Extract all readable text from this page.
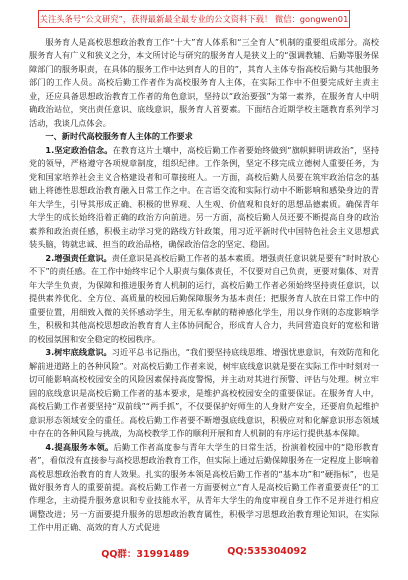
关注头条号“公文研究”，获得最新最全最专业的公文资料下载！ 微信：gongwen01

服务育人是高校思想政治教育工作“十大”育人体系和“三全育人”机制的重要组成部分。高校服务育人有广义和狭义之分，本文所讨论与研究的服务育人是狭义上的“强调教辅、后勤等服务保障部门的服务职责，在具体的服务工作中达到育人的目的”，其育人主体专指高校后勤与其他服务部门的工作人员。高校后勤工作者作为高校服务育人主体，在实际工作中不但要完成好主责主业，还应具备思想政治教育工作者的角色意识，坚持以“政治要强”为第一素养，在服务育人中明确政治站位，突出责任意识、底线意识，服务育人首要素。下面结合近期学校主题教育系列学习活动，我谈几点体会。

一、新时代高校服务育人主体的工作要求

1.坚定政治信念。在教育这片土壤中，高校后勤工作者要始终做到“旗帜鲜明讲政治”，坚持党的领导，严格遵守各项规章制度，组织纪律。工作条例，坚定不移完成立德树人重要任务，为党和国家培养社会主义合格建设者和可靠接班人。一方面，高校后勤人员要在筑牢政治信念的基础上将德性思想政治教育融入日常工作之中。在言语交流和实际行动中不断影响和感染身边的青年大学生，引导其形成正确、积极的世界观、人生观、价值观和良好的思想品德素质。确保青年大学生的成长始终沿着正确的政治方向前进。另一方面，高校后勤人员还要不断提高自身的政治素养和政治责任感，积极主动学习党的路线方针政策，用习近平新时代中国特色社会主义思想武装头脑，铸就忠诚、担当的政治品格，确保政治信念的坚定、稳固。

2.增强责任意识。责任意识是高校后勤工作者的基本素质。增强责任意识就是要有“时时放心不下”的责任感。在工作中始终牢记个人职责与集体责任，不仅要对自己负责，更要对集体、对青年大学生负责，为保障和推进服务育人机制的运行，高校后勤工作者必须始终坚持责任意识，以提供素养优化、全方位、高质量的校园后勤保障服务为基本责任；把服务育人放在日常工作中的重要位置，用细致入微的关怀感动学生，用无私奉献的精神感化学生，用以身作则的态度影响学生，积极和其他高校思想政治教育育人主体协同配合，形成育人合力，共同营造良好的宽松和谐的校园氛围和安全稳定的校园秩序。

3.树牢底线意识。习近平总书记指出，“我们要坚持底线思维、增强忧患意识，有效防范和化解前进道路上的各种风险”。对高校后勤工作者来说，树牢底线意识就是要在实际工作中时刻对一切可能影响高校校园安全的风险因素保持高度警惕，并主动对其进行预警、评估与处理。树立牢固的底线意识是高校后勤工作者的基本要求，是维护高校校园安全的重要保证。在服务育人中，高校后勤工作者要坚持“双前线”“两手抓”，不仅要保护好师生的人身财产安全，还要肩负起维护意识形态领域安全的重任。高校后勤工作者要不断增强底线意识，积极应对和化解意识形态领域中存在的各种风险与挑战，为高校教学工作的顺利开展和育人机制的有序运行提供基本保障。

4.提高服务本领。后勤工作者高度参与青年大学生的日常生活，扮演着校园中的“隐形教育者”，看似没有直接参与高校思想政治教育工作，但实际上通过后勤保障服务在一定程度上影响着高校思想政治教育的育人效果。扎实的服务本领是高校后勤工作者的“基本功”和“硬指标”，也是做好服务育人的重要前提。高校后勤工作者一方面要树立“育人是高校后勤工作者重要责任”的工作理念，主动提升服务意识和专业技能水平，从青年大学生的角度审视自身工作不足并进行相应调整改进；另一方面要提升服务的思想政治教育属性，积极学习思想政治教育理论知识，在实际工作中用正确、高效的育人方式促进

QQ群：31991489	QQ:535304092
